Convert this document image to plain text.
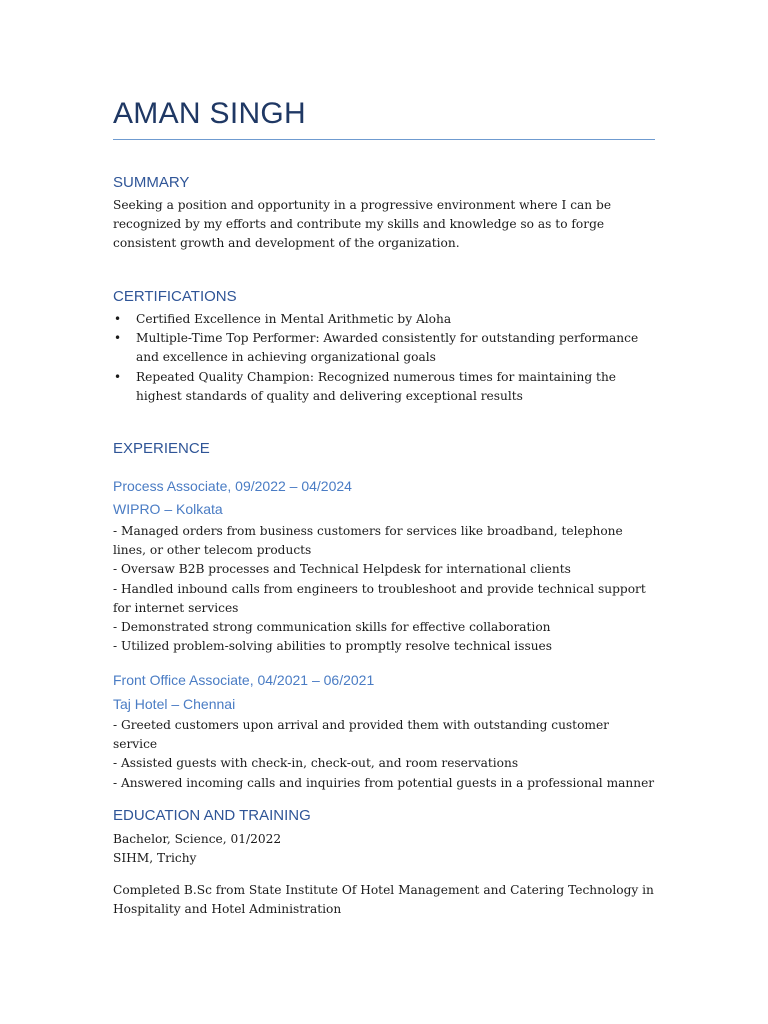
AMAN SINGH
SUMMARY

Seeking a position and opportunity in a progressive environment where I can be recognized by my efforts and contribute my skills and knowledge so as to forge consistent growth and development of the organization.

CERTIFICATIONS
• Certified Excellence in Mental Arithmetic by Aloha
• Multiple-Time Top Performer: Awarded consistently for outstanding performance and excellence in achieving organizational goals
• Repeated Quality Champion: Recognized numerous times for maintaining the highest standards of quality and delivering exceptional results
EXPERIENCE
Process Associate, 09/2022 – 04/2024
WIPRO – Kolkata
- Managed orders from business customers for services like broadband, telephone lines, or other telecom products
- Oversaw B2B processes and Technical Helpdesk for international clients
- Handled inbound calls from engineers to troubleshoot and provide technical support for internet services
- Demonstrated strong communication skills for effective collaboration
- Utilized problem-solving abilities to promptly resolve technical issues
Front Office Associate, 04/2021 – 06/2021
Taj Hotel – Chennai
- Greeted customers upon arrival and provided them with outstanding customer service
- Assisted guests with check-in, check-out, and room reservations
- Answered incoming calls and inquiries from potential guests in a professional manner
EDUCATION AND TRAINING

Bachelor, Science, 01/2022

SIHM, Trichy

Completed B.Sc from State Institute Of Hotel Management and Catering Technology in Hospitality and Hotel Administration
